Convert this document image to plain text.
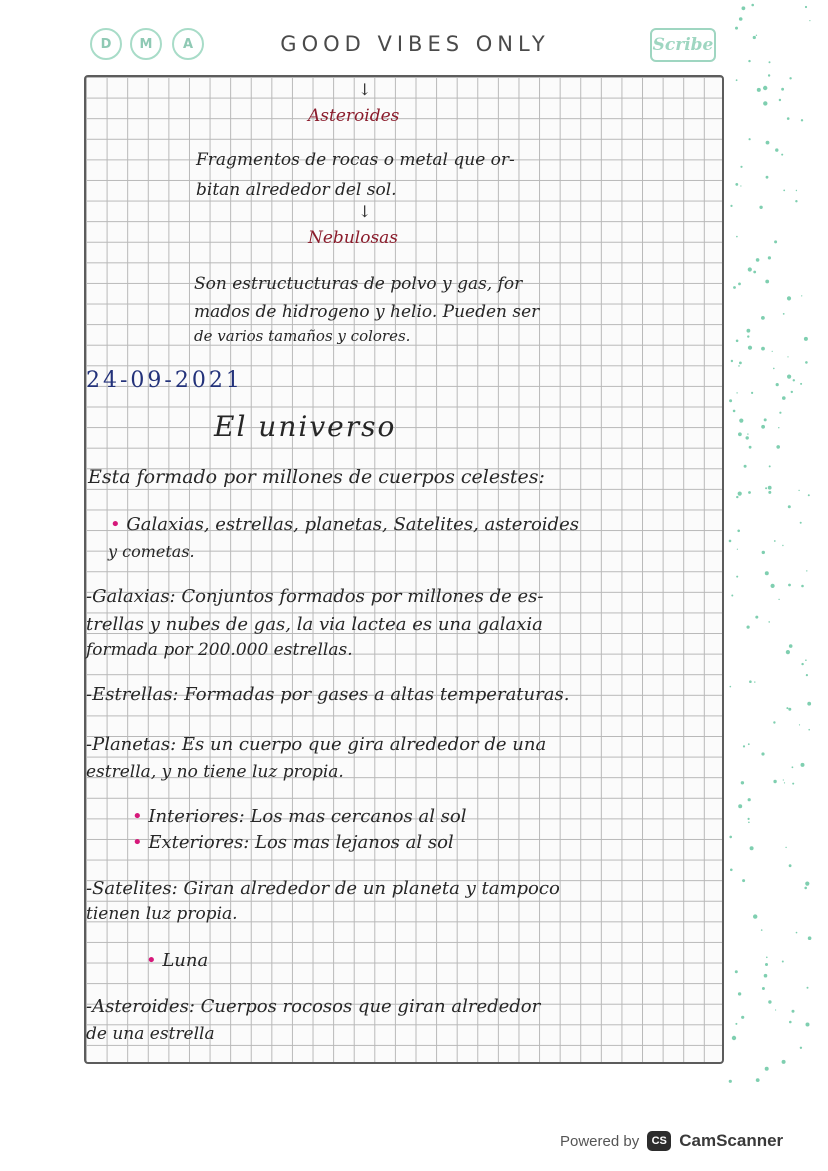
D	M	A	GOOD VIBES ONLY	Scribe
↓
Asteroides
Fragmentos de rocas o metal que or-
bitan alrededor del sol.
↓
Nebulosas
Son estructucturas de polvo y gas, for
mados de hidrogeno y helio. Pueden ser
de varios tamaños y colores.
24-09-2021
El universo
Esta formado por millones de cuerpos celestes:
• Galaxias, estrellas, planetas, Satelites, asteroides
y cometas.
-Galaxias: Conjuntos formados por millones de es-
trellas y nubes de gas, la via lactea es una galaxia
formada por 200.000 estrellas.
-Estrellas: Formadas por gases a altas temperaturas.
-Planetas: Es un cuerpo que gira alrededor de una
estrella, y no tiene luz propia.
• Interiores: Los mas cercanos al sol
• Exteriores: Los mas lejanos al sol
-Satelites: Giran alrededor de un planeta y tampoco
tienen luz propia.
• Luna
-Asteroides: Cuerpos rocosos que giran alrededor
de una estrella
Powered by	CS CamScanner
